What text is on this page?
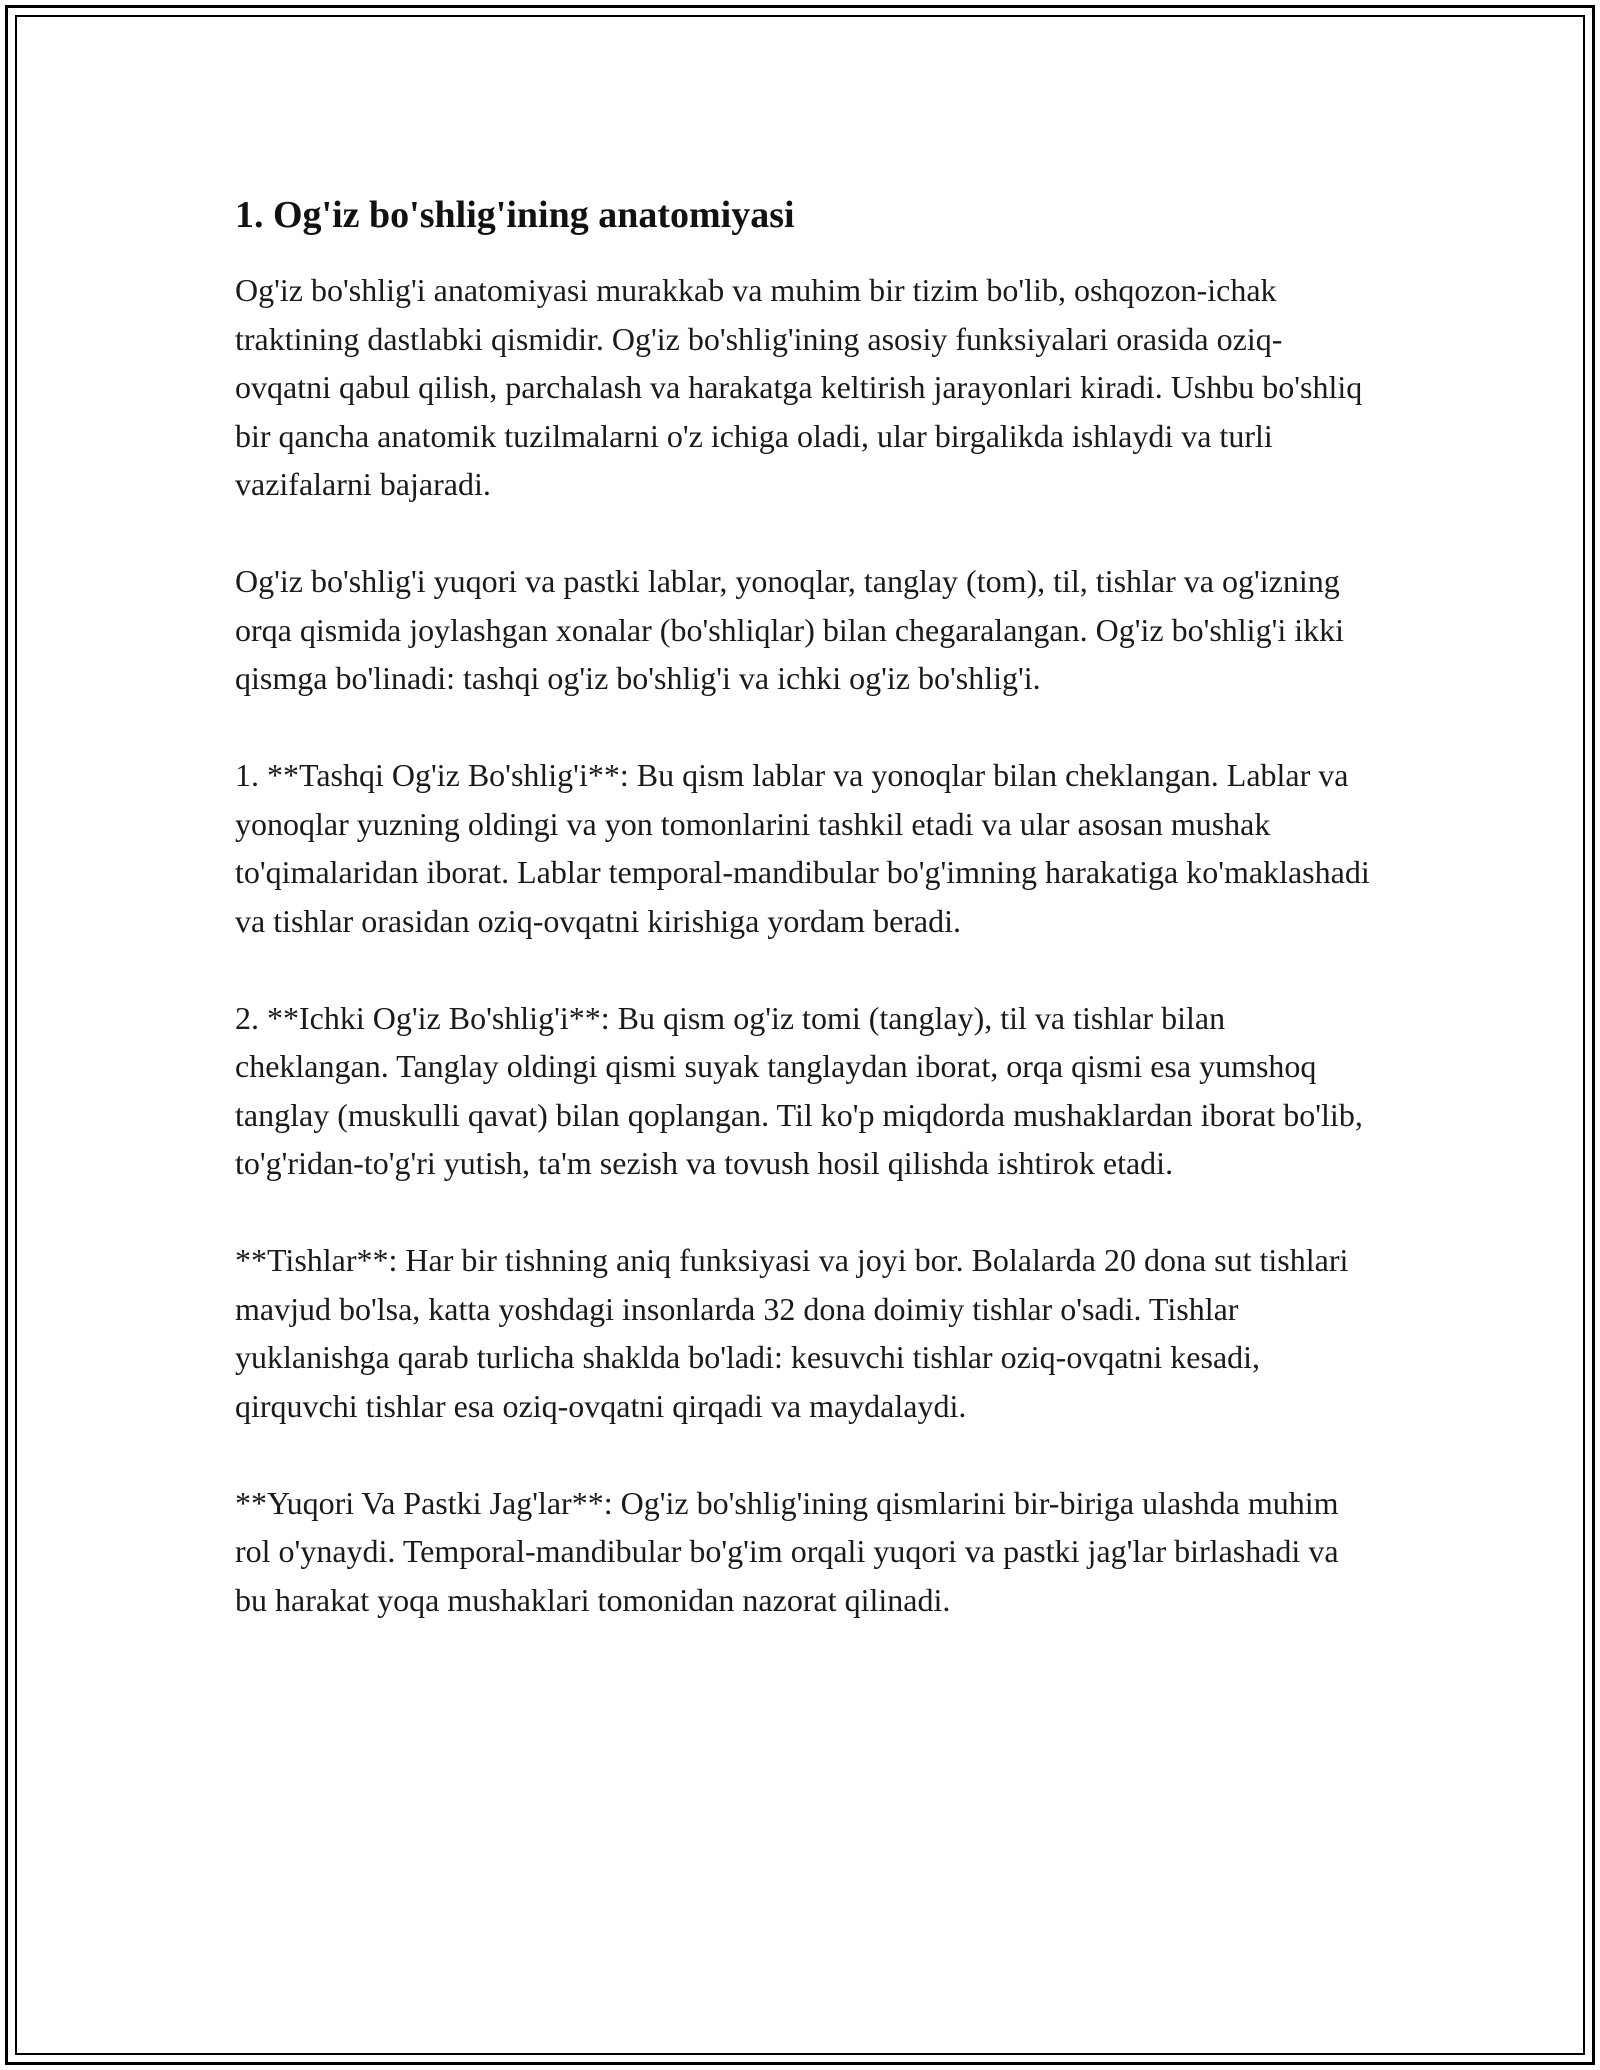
1. Og'iz bo'shlig'ining anatomiyasi

Og'iz bo'shlig'i anatomiyasi murakkab va muhim bir tizim bo'lib, oshqozon-ichak traktining dastlabki qismidir. Og'iz bo'shlig'ining asosiy funksiyalari orasida oziq-ovqatni qabul qilish, parchalash va harakatga keltirish jarayonlari kiradi. Ushbu bo'shliq bir qancha anatomik tuzilmalarni o'z ichiga oladi, ular birgalikda ishlaydi va turli vazifalarni bajaradi.

Og'iz bo'shlig'i yuqori va pastki lablar, yonoqlar, tanglay (tom), til, tishlar va og'izning orqa qismida joylashgan xonalar (bo'shliqlar) bilan chegaralangan. Og'iz bo'shlig'i ikki qismga bo'linadi: tashqi og'iz bo'shlig'i va ichki og'iz bo'shlig'i.

1. **Tashqi Og'iz Bo'shlig'i**: Bu qism lablar va yonoqlar bilan cheklangan. Lablar va yonoqlar yuzning oldingi va yon tomonlarini tashkil etadi va ular asosan mushak to'qimalaridan iborat. Lablar temporal-mandibular bo'g'imning harakatiga ko'maklashadi va tishlar orasidan oziq-ovqatni kirishiga yordam beradi.

2. **Ichki Og'iz Bo'shlig'i**: Bu qism og'iz tomi (tanglay), til va tishlar bilan cheklangan. Tanglay oldingi qismi suyak tanglaydan iborat, orqa qismi esa yumshoq tanglay (muskulli qavat) bilan qoplangan. Til ko'p miqdorda mushaklardan iborat bo'lib, to'g'ridan-to'g'ri yutish, ta'm sezish va tovush hosil qilishda ishtirok etadi.

**Tishlar**: Har bir tishning aniq funksiyasi va joyi bor. Bolalarda 20 dona sut tishlari mavjud bo'lsa, katta yoshdagi insonlarda 32 dona doimiy tishlar o'sadi. Tishlar yuklanishga qarab turlicha shaklda bo'ladi: kesuvchi tishlar oziq-ovqatni kesadi, qirquvchi tishlar esa oziq-ovqatni qirqadi va maydalaydi.

**Yuqori Va Pastki Jag'lar**: Og'iz bo'shlig'ining qismlarini bir-biriga ulashda muhim rol o'ynaydi. Temporal-mandibular bo'g'im orqali yuqori va pastki jag'lar birlashadi va bu harakat yoqa mushaklari tomonidan nazorat qilinadi.
